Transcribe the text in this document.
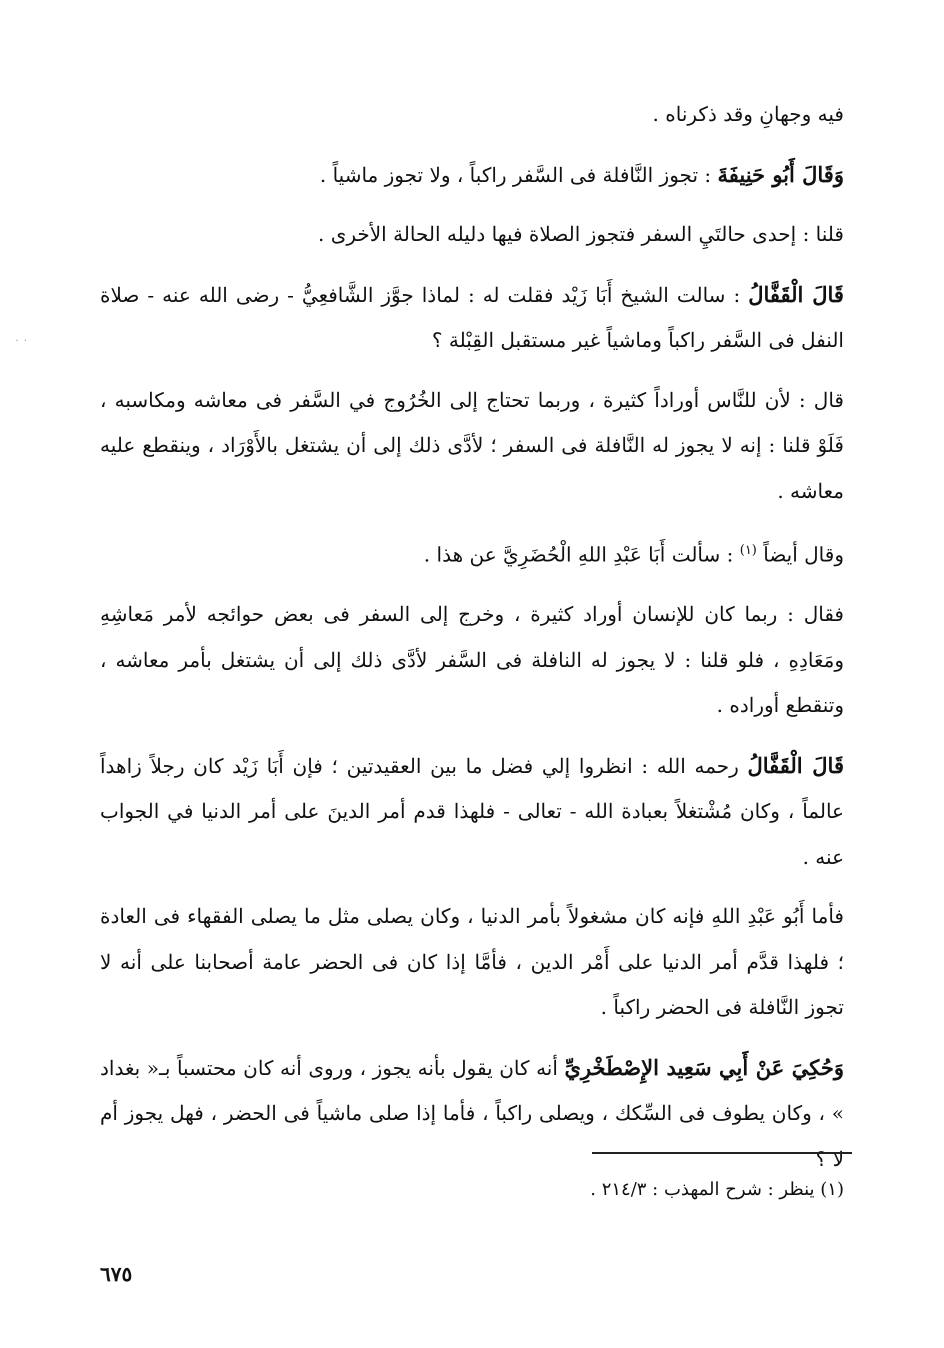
· ·

فيه وجهانِ وقد ذكرناه .

وَقَالَ أَبُو حَنِيفَةَ : تجوز النَّافلة فى السَّفر راكباً ، ولا تجوز ماشياً .

قلنا : إحدى حالتَيِ السفر فتجوز الصلاة فيها دليله الحالة الأخرى .

قَالَ الْقَفَّالُ : سالت الشيخ أَبَا زَيْد فقلت له : لماذا جوَّز الشَّافعِيُّ - رضى الله عنه - صلاة النفل فى السَّفر راكباً وماشياً غير مستقبل القِبْلة ؟

قال : لأن للنَّاس أوراداً كثيرة ، وربما تحتاج إلى الخُرُوج في السَّفر فى معاشه ومكاسبه ، فَلَوْ قلنا : إنه لا يجوز له النَّافلة فى السفر ؛ لأدَّى ذلك إلى أن يشتغل بالأَوْرَاد ، وينقطع عليه معاشه .

وقال أيضاً $^{(١)}$ : سألت أَبَا عَبْدِ اللهِ الْحُضَرِيَّ عن هذا .

فقال : ربما كان للإنسان أوراد كثيرة ، وخرج إلى السفر فى بعض حوائجه لأمر مَعاشِهِ ومَعَادِهِ ، فلو قلنا : لا يجوز له النافلة فى السَّفر لأدَّى ذلك إلى أن يشتغل بأمر معاشه ، وتنقطع أوراده .

قَالَ الْقَفَّالُ رحمه الله : انظروا إلي فضل ما بين العقيدتين ؛ فإن أَبَا زَيْد كان رجلاً زاهداً عالماً ، وكان مُشْتغلاً بعبادة الله - تعالى - فلهذا قدم أمر الدينَ على أمر الدنيا في الجواب عنه .

فأما أَبُو عَبْدِ اللهِ فإنه كان مشغولاً بأمر الدنيا ، وكان يصلى مثل ما يصلى الفقهاء فى العادة ؛ فلهذا قدَّم أمر الدنيا على أَمْر الدين ، فأمَّا إذا كان فى الحضر عامة أصحابنا على أنه لا تجوز النَّافلة فى الحضر راكباً .

وَحُكِيَ عَنْ أَبِي سَعِيد الإِصْطَخْرِيِّ أنه كان يقول بأنه يجوز ، وروى أنه كان محتسباً بـ« بغداد » ، وكان يطوف فى السِّكك ، ويصلى راكباً ، فأما إذا صلى ماشياً فى الحضر ، فهل يجوز أم لا ؟

(١) ينظر : شرح المهذب : ٢١٤/٣ .
٦٧٥
